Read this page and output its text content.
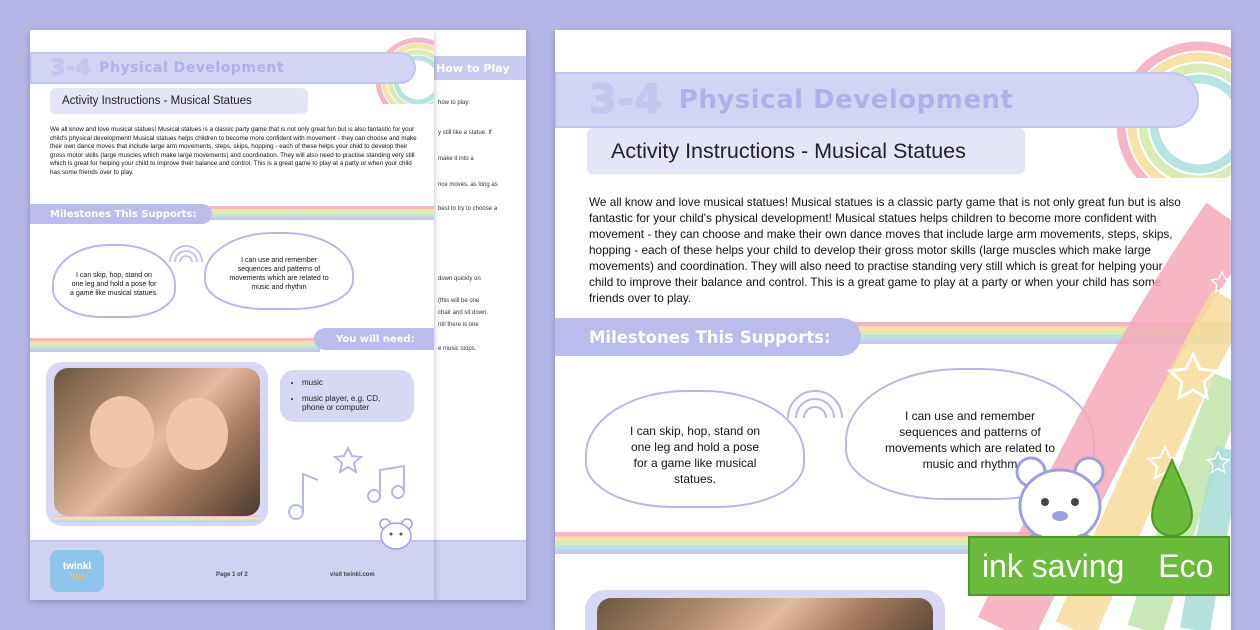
How to Play
how to play:
y still like a statue. If
make it into a
nce moves, as long as
best to try to choose a
down quickly on
(this will be one
chair and sit down.
ntil there is one
e music stops.
3-4 Physical Development
Activity Instructions - Musical Statues
We all know and love musical statues! Musical statues is a classic party game that is not only great fun but is also fantastic for your child's physical development! Musical statues helps children to become more confident with movement - they can choose and make their own dance moves that include large arm movements, steps, skips, hopping - each of these helps your child to develop their gross motor skills (large muscles which make large movements) and coordination. They will also need to practise standing very still which is great for helping your child to improve their balance and control. This is a great game to play at a party or when your child has some friends over to play.
Milestones This Supports:
I can skip, hop, stand on one leg and hold a pose for a game like musical statues.
I can use and remember sequences and patterns of movements which are related to music and rhythm
You will need:
• music
• music player, e.g. CD, phone or computer
twinkl
Tots	Page 1 of 2	visit twinkl.com
3-4 Physical Development
Activity Instructions - Musical Statues
We all know and love musical statues! Musical statues is a classic party game that is not only great fun but is also fantastic for your child's physical development! Musical statues helps children to become more confident with movement - they can choose and make their own dance moves that include large arm movements, steps, skips, hopping - each of these helps your child to develop their gross motor skills (large muscles which make large movements) and coordination. They will also need to practise standing very still which is great for helping your child to improve their balance and control. This is a great game to play at a party or when your child has some friends over to play.
Milestones This Supports:
I can skip, hop, stand on one leg and hold a pose for a game like musical statues.
I can use and remember sequences and patterns of movements which are related to music and rhythm
ink saving Eco
